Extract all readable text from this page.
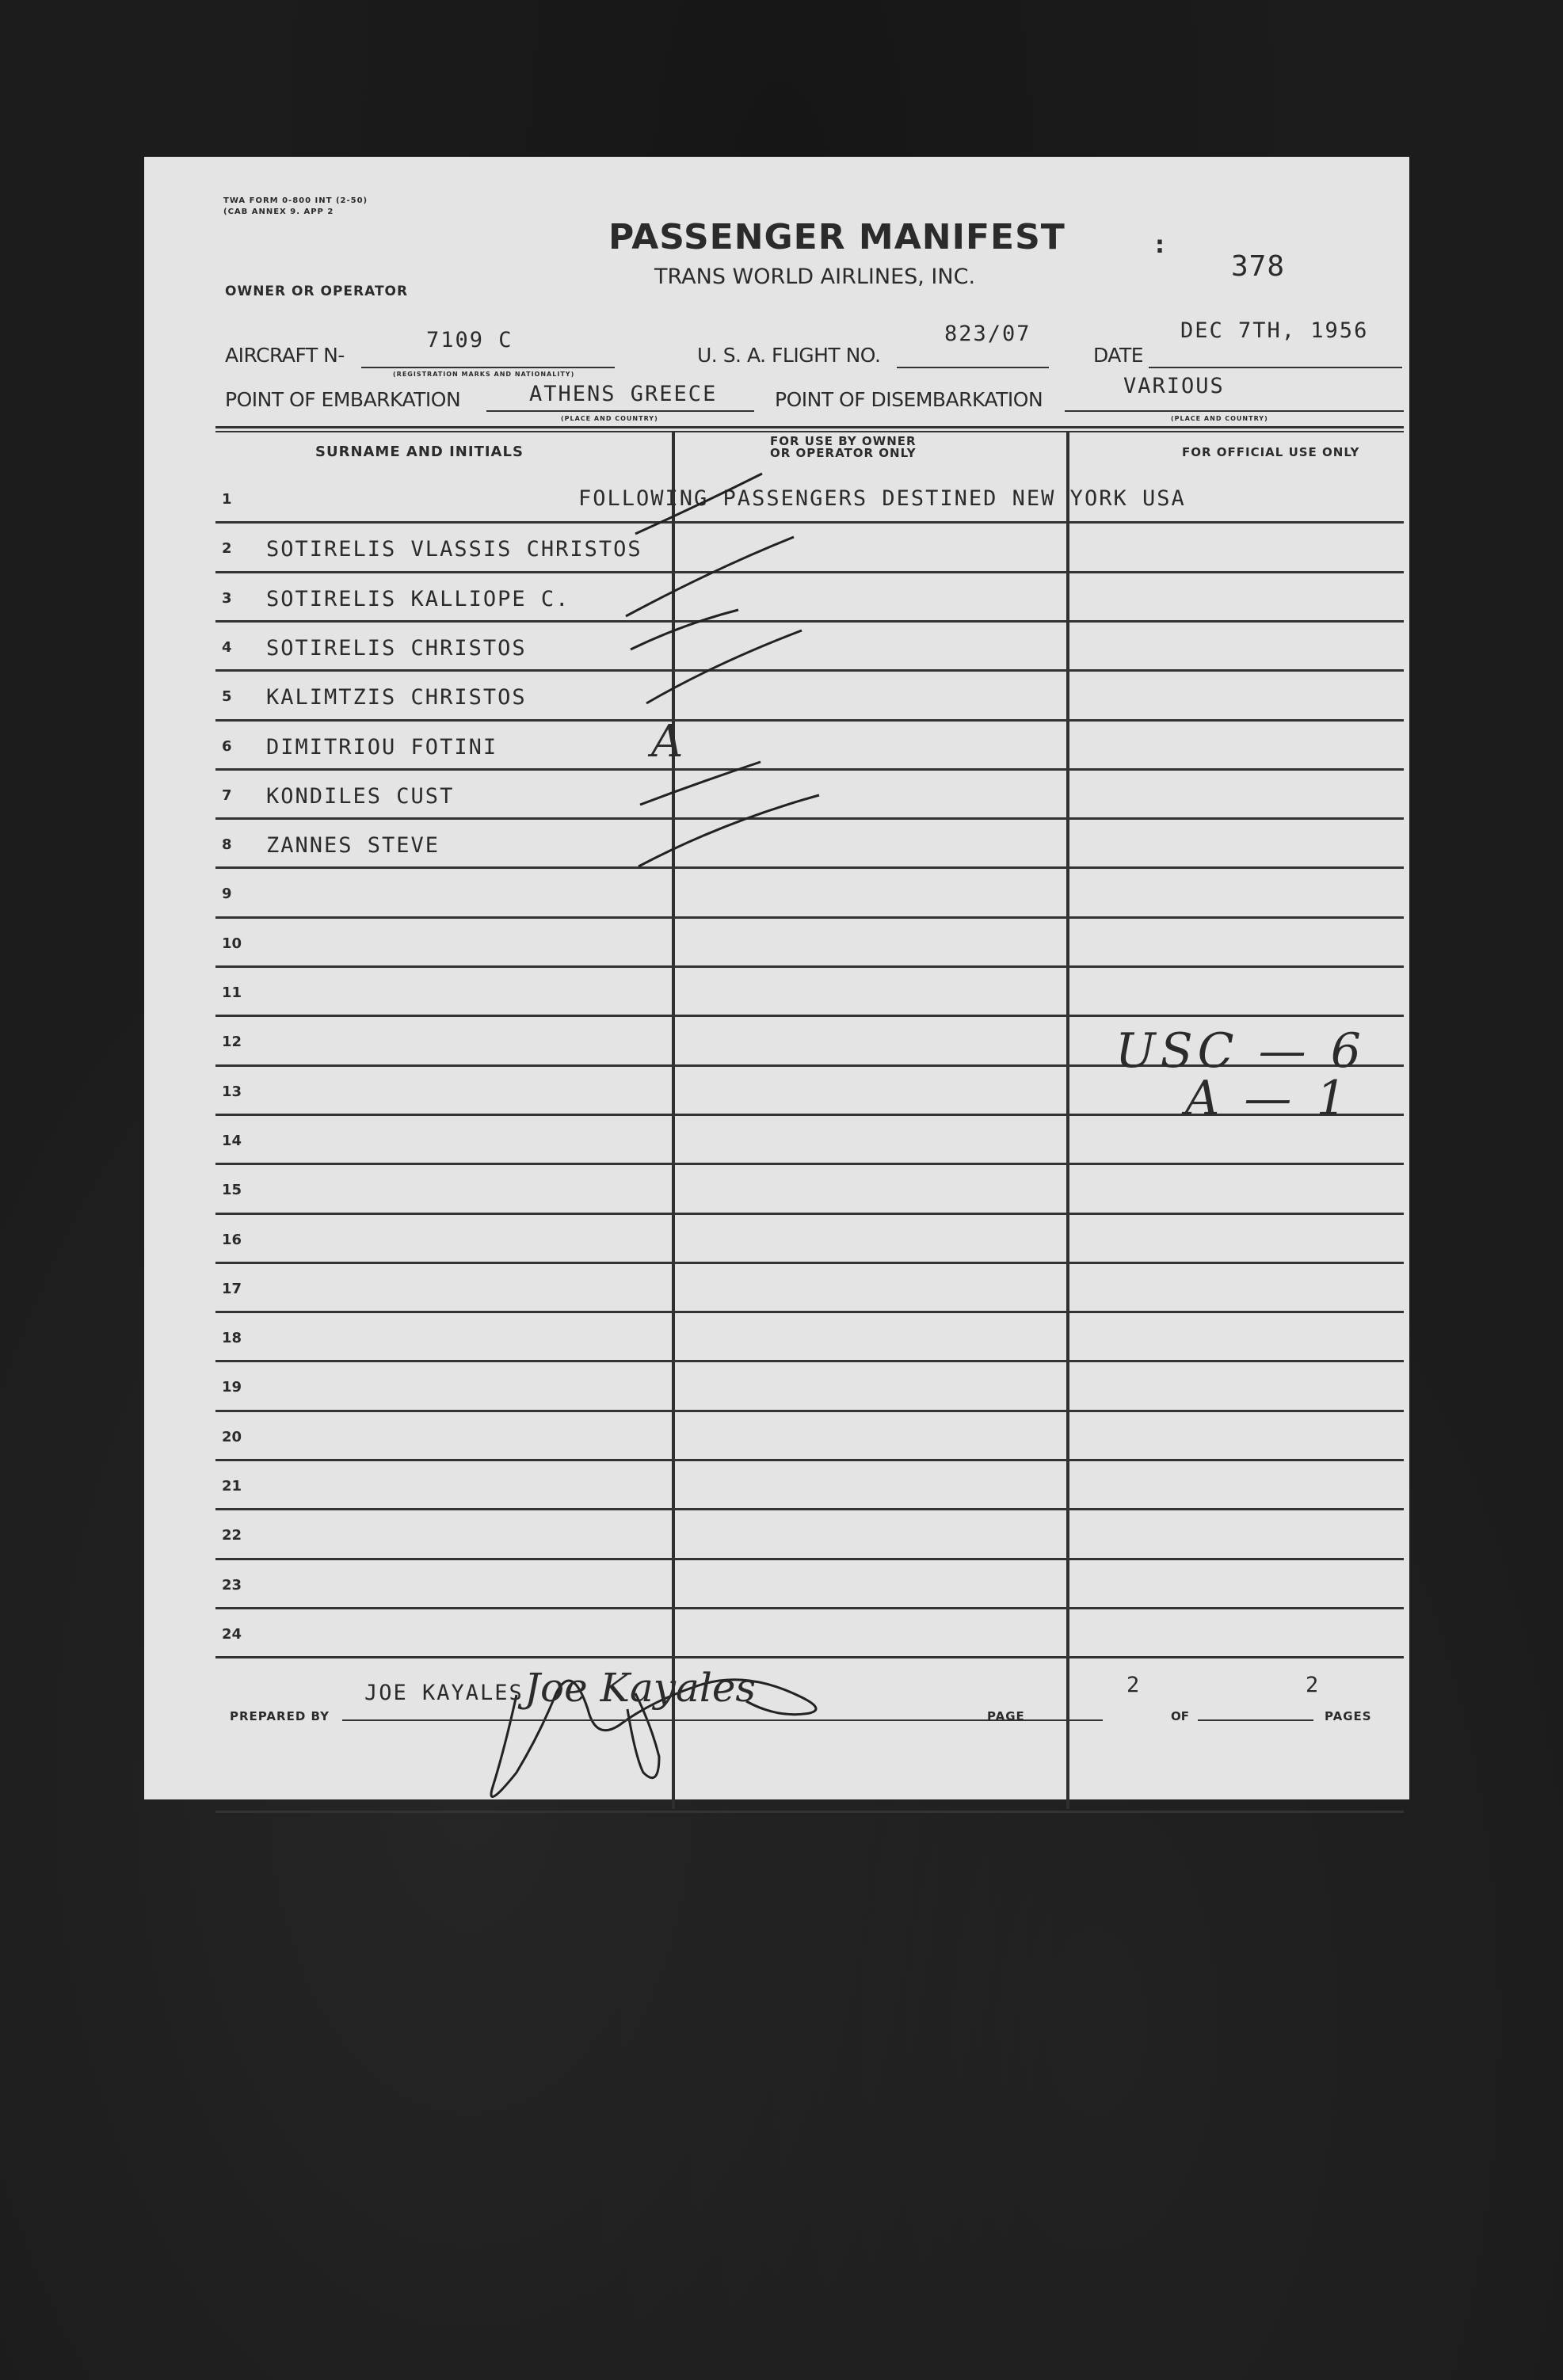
TWA FORM 0-800 INT (2-50)
(CAB ANNEX 9. APP 2
PASSENGER MANIFEST
TRANS WORLD AIRLINES, INC.
:
378
OWNER OR OPERATOR
AIRCRAFT N-
7109 C
U. S. A. FLIGHT NO.
823/07
DATE
DEC 7TH, 1956
(REGISTRATION MARKS AND NATIONALITY)
POINT OF EMBARKATION	ATHENS GREECE
(PLACE AND COUNTRY)
POINT OF DISEMBARKATION
VARIOUS
(PLACE AND COUNTRY)
SURNAME AND INITIALS
FOR USE BY OWNER
OR OPERATOR ONLY	FOR OFFICIAL USE ONLY
1
2 SOTIRELIS VLASSIS CHRISTOS
3 SOTIRELIS KALLIOPE C.
4 SOTIRELIS CHRISTOS
5 KALIMTZIS CHRISTOS
6 DIMITRIOU FOTINI
7 KONDILES CUST
8 ZANNES STEVE
9
10
11
12
13
14
15
16
17
18
19
20
21
22
23
24
FOLLOWING PASSENGERS DESTINED NEW YORK USA
A
USC — 6
A — 1
PREPARED BY
JOE KAYALES Joe Kayales
PAGE
2
OF
2
PAGES
